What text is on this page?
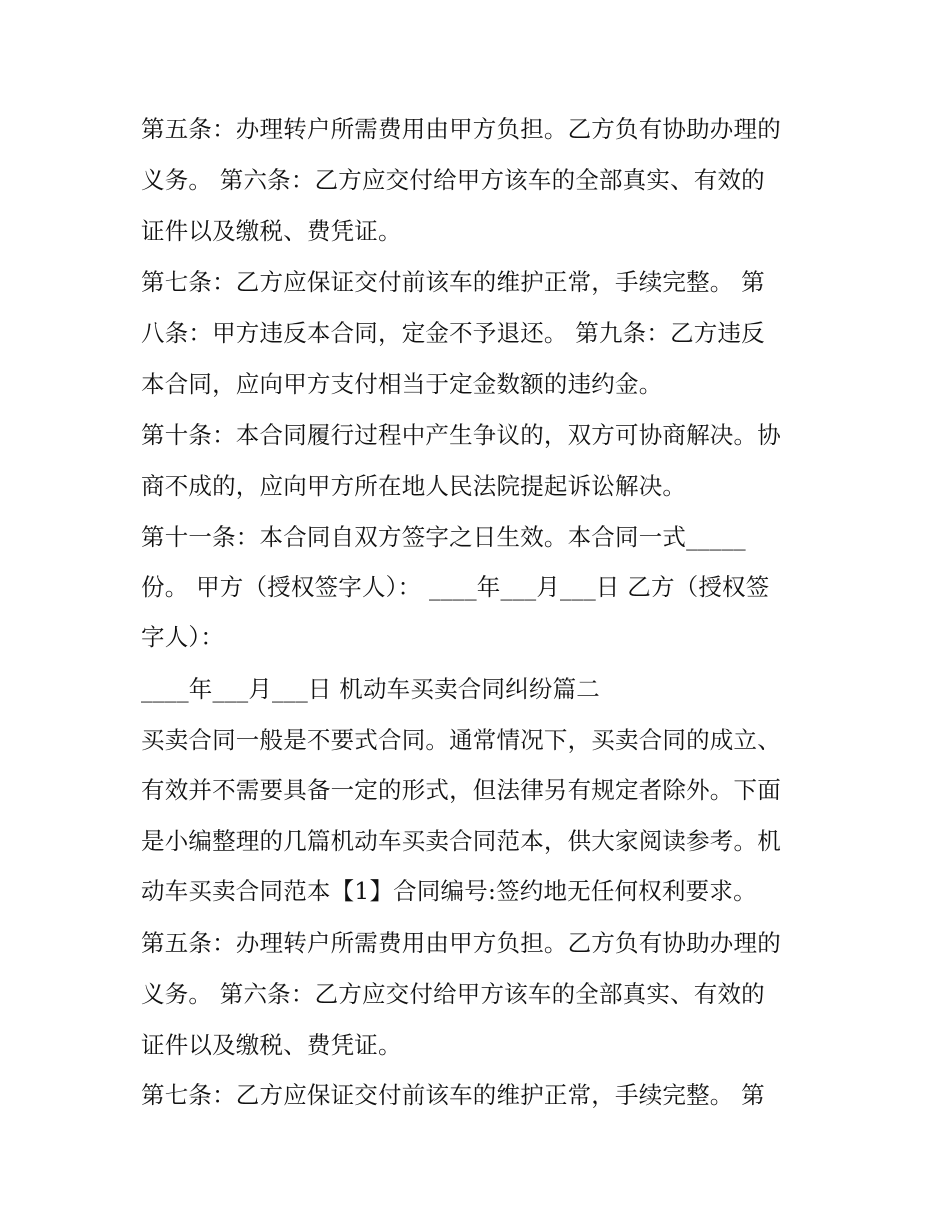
第五条：办理转户所需费用由甲方负担。乙方负有协助办理的
义务。 第六条：乙方应交付给甲方该车的全部真实、有效的
证件以及缴税、费凭证。
第七条：乙方应保证交付前该车的维护正常，手续完整。 第
八条：甲方违反本合同，定金不予退还。 第九条：乙方违反
本合同，应向甲方支付相当于定金数额的违约金。
第十条：本合同履行过程中产生争议的，双方可协商解决。协
商不成的，应向甲方所在地人民法院提起诉讼解决。
第十一条：本合同自双方签字之日生效。本合同一式_____
份。 甲方（授权签字人）： ____年___月___日 乙方（授权签
字人）：
____年___月___日 机动车买卖合同纠纷篇二
买卖合同一般是不要式合同。通常情况下，买卖合同的成立、
有效并不需要具备一定的形式，但法律另有规定者除外。下面
是小编整理的几篇机动车买卖合同范本，供大家阅读参考。机
动车买卖合同范本【1】合同编号:签约地无任何权利要求。
第五条：办理转户所需费用由甲方负担。乙方负有协助办理的
义务。 第六条：乙方应交付给甲方该车的全部真实、有效的
证件以及缴税、费凭证。
第七条：乙方应保证交付前该车的维护正常，手续完整。 第
